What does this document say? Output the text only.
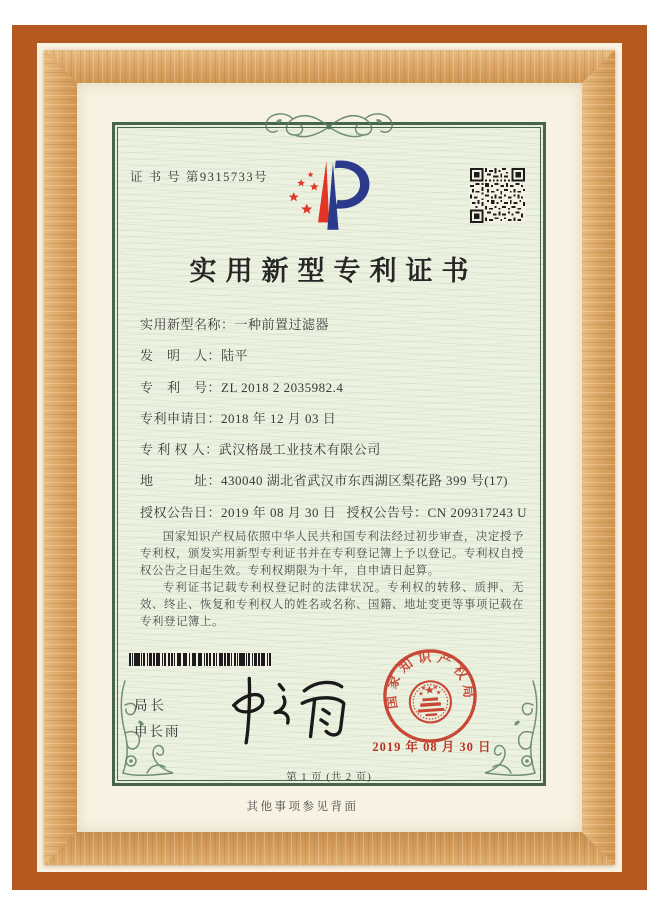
证 书 号 第9315733号
实用新型专利证书
实用新型名称：一种前置过滤器
发　明　人：陆平
专　利　号：ZL 2018 2 2035982.4
专利申请日：2018 年 12 月 03 日
专 利 权 人：武汉格晟工业技术有限公司
地　　　址：430040 湖北省武汉市东西湖区梨花路 399 号(17)
授权公告日：2019 年 08 月 30 日 授权公告号：CN 209317243 U

国家知识产权局依照中华人民共和国专利法经过初步审查，决定授予专利权，颁发实用新型专利证书并在专利登记簿上予以登记。专利权自授权公告之日起生效。专利权期限为十年，自申请日起算。

专利证书记载专利权登记时的法律状况。专利权的转移、质押、无效、终止、恢复和专利权人的姓名或名称、国籍、地址变更等事项记载在专利登记簿上。

局长
申长雨
国家知识产权局
2019 年 08 月 30 日
第 1 页 (共 2 页)
其他事项参见背面
